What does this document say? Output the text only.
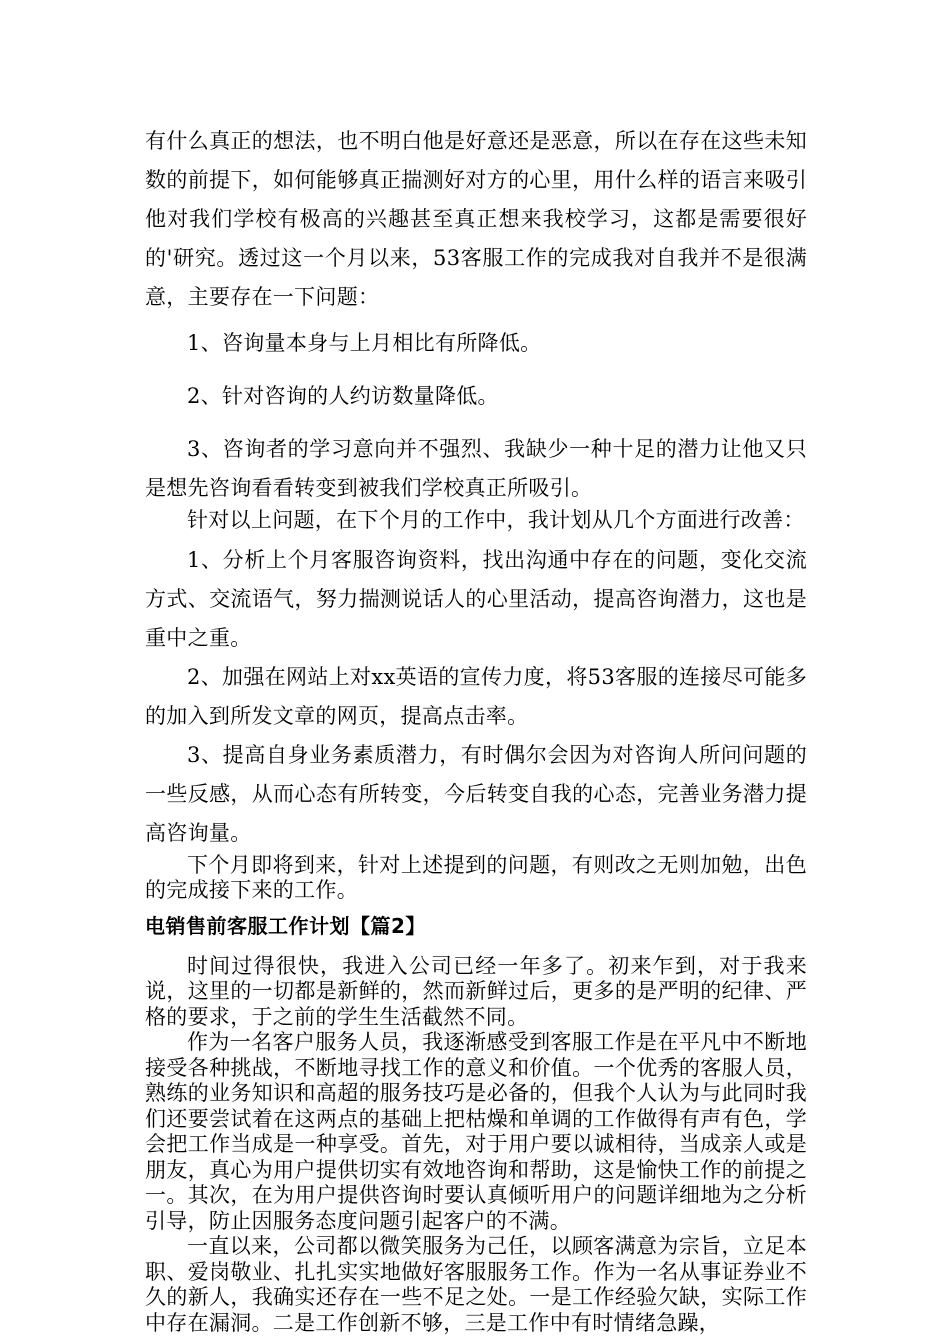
有什么真正的想法，也不明白他是好意还是恶意，所以在存在这些未知数的前提下，如何能够真正揣测好对方的心里，用什么样的语言来吸引他对我们学校有极高的兴趣甚至真正想来我校学习，这都是需要很好的'研究。透过这一个月以来，53客服工作的完成我对自我并不是很满意，主要存在一下问题：

1、咨询量本身与上月相比有所降低。

2、针对咨询的人约访数量降低。

3、咨询者的学习意向并不强烈、我缺少一种十足的潜力让他又只是想先咨询看看转变到被我们学校真正所吸引。

针对以上问题，在下个月的工作中，我计划从几个方面进行改善：

1、分析上个月客服咨询资料，找出沟通中存在的问题，变化交流方式、交流语气，努力揣测说话人的心里活动，提高咨询潜力，这也是重中之重。

2、加强在网站上对xx英语的宣传力度，将53客服的连接尽可能多的加入到所发文章的网页，提高点击率。

3、提高自身业务素质潜力，有时偶尔会因为对咨询人所问问题的一些反感，从而心态有所转变，今后转变自我的心态，完善业务潜力提高咨询量。

下个月即将到来，针对上述提到的问题，有则改之无则加勉，出色的完成接下来的工作。

电销售前客服工作计划【篇2】

时间过得很快，我进入公司已经一年多了。初来乍到，对于我来说，这里的一切都是新鲜的，然而新鲜过后，更多的是严明的纪律、严格的要求，于之前的学生生活截然不同。

作为一名客户服务人员，我逐渐感受到客服工作是在平凡中不断地接受各种挑战，不断地寻找工作的意义和价值。一个优秀的客服人员，熟练的业务知识和高超的服务技巧是必备的，但我个人认为与此同时我们还要尝试着在这两点的基础上把枯燥和单调的工作做得有声有色，学会把工作当成是一种享受。首先，对于用户要以诚相待，当成亲人或是朋友，真心为用户提供切实有效地咨询和帮助，这是愉快工作的前提之一。其次，在为用户提供咨询时要认真倾听用户的问题详细地为之分析引导，防止因服务态度问题引起客户的不满。

一直以来，公司都以微笑服务为己任，以顾客满意为宗旨，立足本职、爱岗敬业、扎扎实实地做好客服服务工作。作为一名从事证券业不久的新人，我确实还存在一些不足之处。一是工作经验欠缺，实际工作中存在漏洞。二是工作创新不够，三是工作中有时情绪急躁，
